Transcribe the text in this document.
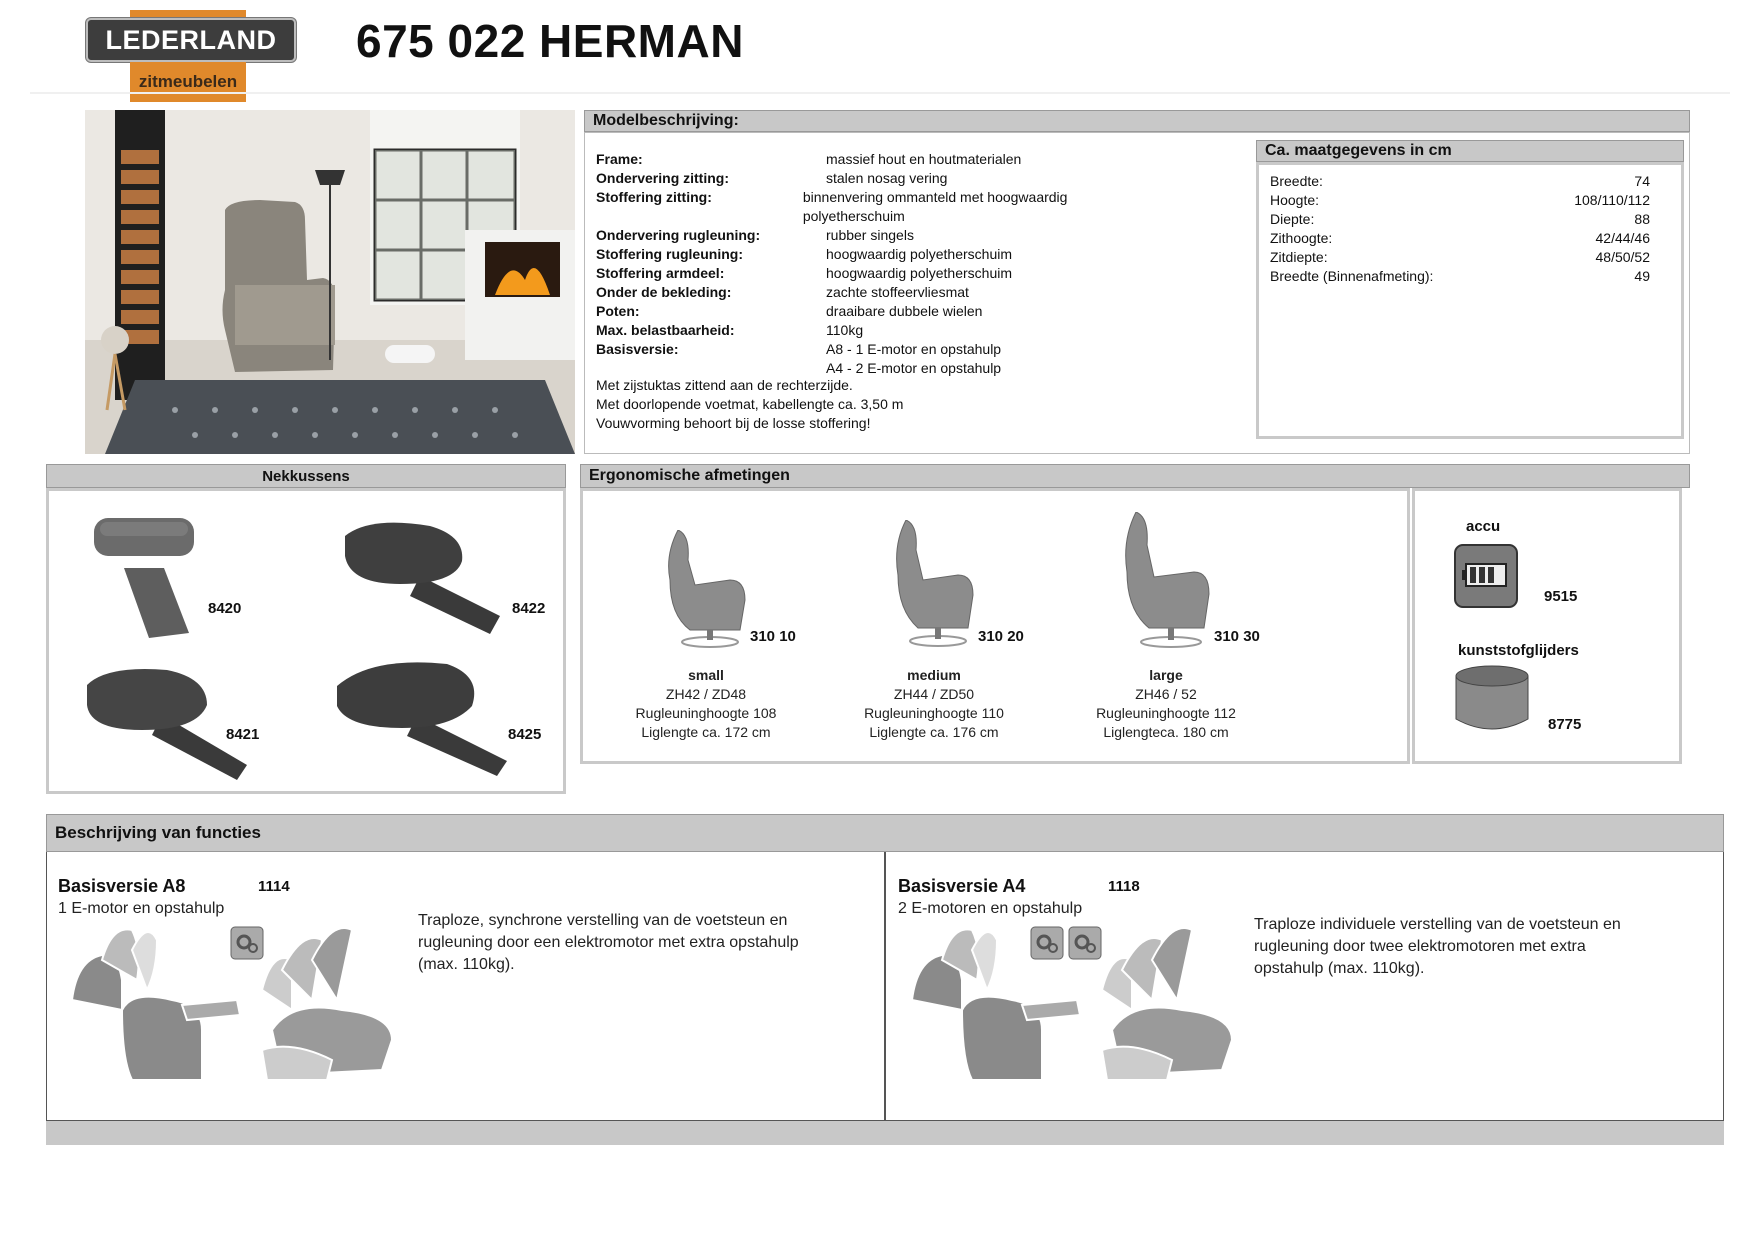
LEDERLAND
zitmeubelen
675 022 HERMAN
Modelbeschrijving:
Frame:	massief hout en houtmaterialen
Ondervering zitting:	stalen nosag vering
Stoffering zitting:	binnenvering ommanteld met hoogwaardig polyetherschuim
Ondervering rugleuning:	rubber singels
Stoffering rugleuning:	hoogwaardig polyetherschuim
Stoffering armdeel:	hoogwaardig polyetherschuim
Onder de bekleding:	zachte stoffeervliesmat
Poten:	draaibare dubbele wielen
Max. belastbaarheid:	110kg
Basisversie:	A8 - 1 E-motor en opstahulp
A4 - 2 E-motor en opstahulp
Met zijstuktas zittend aan de rechterzijde.
Met doorlopende voetmat, kabellengte ca. 3,50 m
Vouwvorming behoort bij de losse stoffering!
Ca. maatgegevens in cm
Breedte:	74
Hoogte:	108/110/112
Diepte:	88
Zithoogte:	42/44/46
Zitdiepte:	48/50/52
Breedte (Binnenafmeting):	49
Nekkussens
8420	8422
8421	8425
Ergonomische afmetingen
310 10	310 20	310 30
small
ZH42 / ZD48
Rugleuninghoogte 108
Liglengte ca. 172 cm
medium
ZH44 / ZD50
Rugleuninghoogte 110
Liglengte ca. 176 cm
large
ZH46 / 52
Rugleuninghoogte 112
Liglengteca. 180 cm
accu
9515
kunststofglijders
8775
Beschrijving van functies
Basisversie A8	1114
1 E-motor en opstahulp
Traploze, synchrone verstelling van de voetsteun en rugleuning door een elektromotor met extra opstahulp (max. 110kg).
Basisversie A4	1118
2 E-motoren en opstahulp
Traploze individuele verstelling van de voetsteun en rugleuning door twee elektromotoren met extra opstahulp (max. 110kg).
